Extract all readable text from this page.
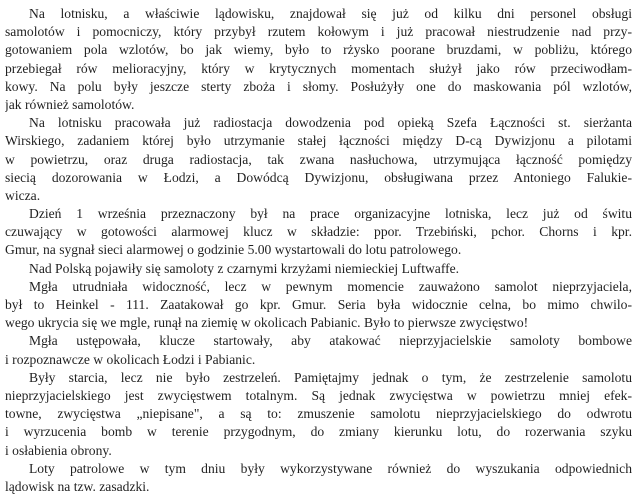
Na lotnisku, a właściwie lądowisku, znajdował się już od kilku dni personel obsługi
samolotów i pomocniczy, który przybył rzutem kołowym i już pracował niestrudzenie nad przy-
gotowaniem pola wzlotów, bo jak wiemy, było to rżysko poorane bruzdami, w pobliżu, którego
przebiegał rów melioracyjny, który w krytycznych momentach służył jako rów przeciwodłam-
kowy. Na polu były jeszcze sterty zboża i słomy. Posłużyły one do maskowania pól wzlotów,
jak również samolotów.
Na lotnisku pracowała już radiostacja dowodzenia pod opieką Szefa Łączności st. sierżanta
Wirskiego, zadaniem której było utrzymanie stałej łączności między D-cą Dywizjonu a pilotami
w powietrzu, oraz druga radiostacja, tak zwana nasłuchowa, utrzymująca łączność pomiędzy
siecią dozorowania w Łodzi, a Dowódcą Dywizjonu, obsługiwana przez Antoniego Falukie-
wicza.
Dzień 1 września przeznaczony był na prace organizacyjne lotniska, lecz już od świtu
czuwający w gotowości alarmowej klucz w składzie: ppor. Trzebiński, pchor. Chorns i kpr.
Gmur, na sygnał sieci alarmowej o godzinie 5.00 wystartowali do lotu patrolowego.
Nad Polską pojawiły się samoloty z czarnymi krzyżami niemieckiej Luftwaffe.
Mgła utrudniała widoczność, lecz w pewnym momencie zauważono samolot nieprzyjaciela,
był to Heinkel - 111. Zaatakował go kpr. Gmur. Seria była widocznie celna, bo mimo chwilo-
wego ukrycia się we mgle, runął na ziemię w okolicach Pabianic. Było to pierwsze zwycięstwo!
Mgła ustępowała, klucze startowały, aby atakować nieprzyjacielskie samoloty bombowe
i rozpoznawcze w okolicach Łodzi i Pabianic.
Były starcia, lecz nie było zestrzeleń. Pamiętajmy jednak o tym, że zestrzelenie samolotu
nieprzyjacielskiego jest zwycięstwem totalnym. Są jednak zwycięstwa w powietrzu mniej efek-
towne, zwycięstwa „niepisane", a są to: zmuszenie samolotu nieprzyjacielskiego do odwrotu
i wyrzucenia bomb w terenie przygodnym, do zmiany kierunku lotu, do rozerwania szyku
i osłabienia obrony.
Loty patrolowe w tym dniu były wykorzystywane również do wyszukania odpowiednich
lądowisk na tzw. zasadzki.
